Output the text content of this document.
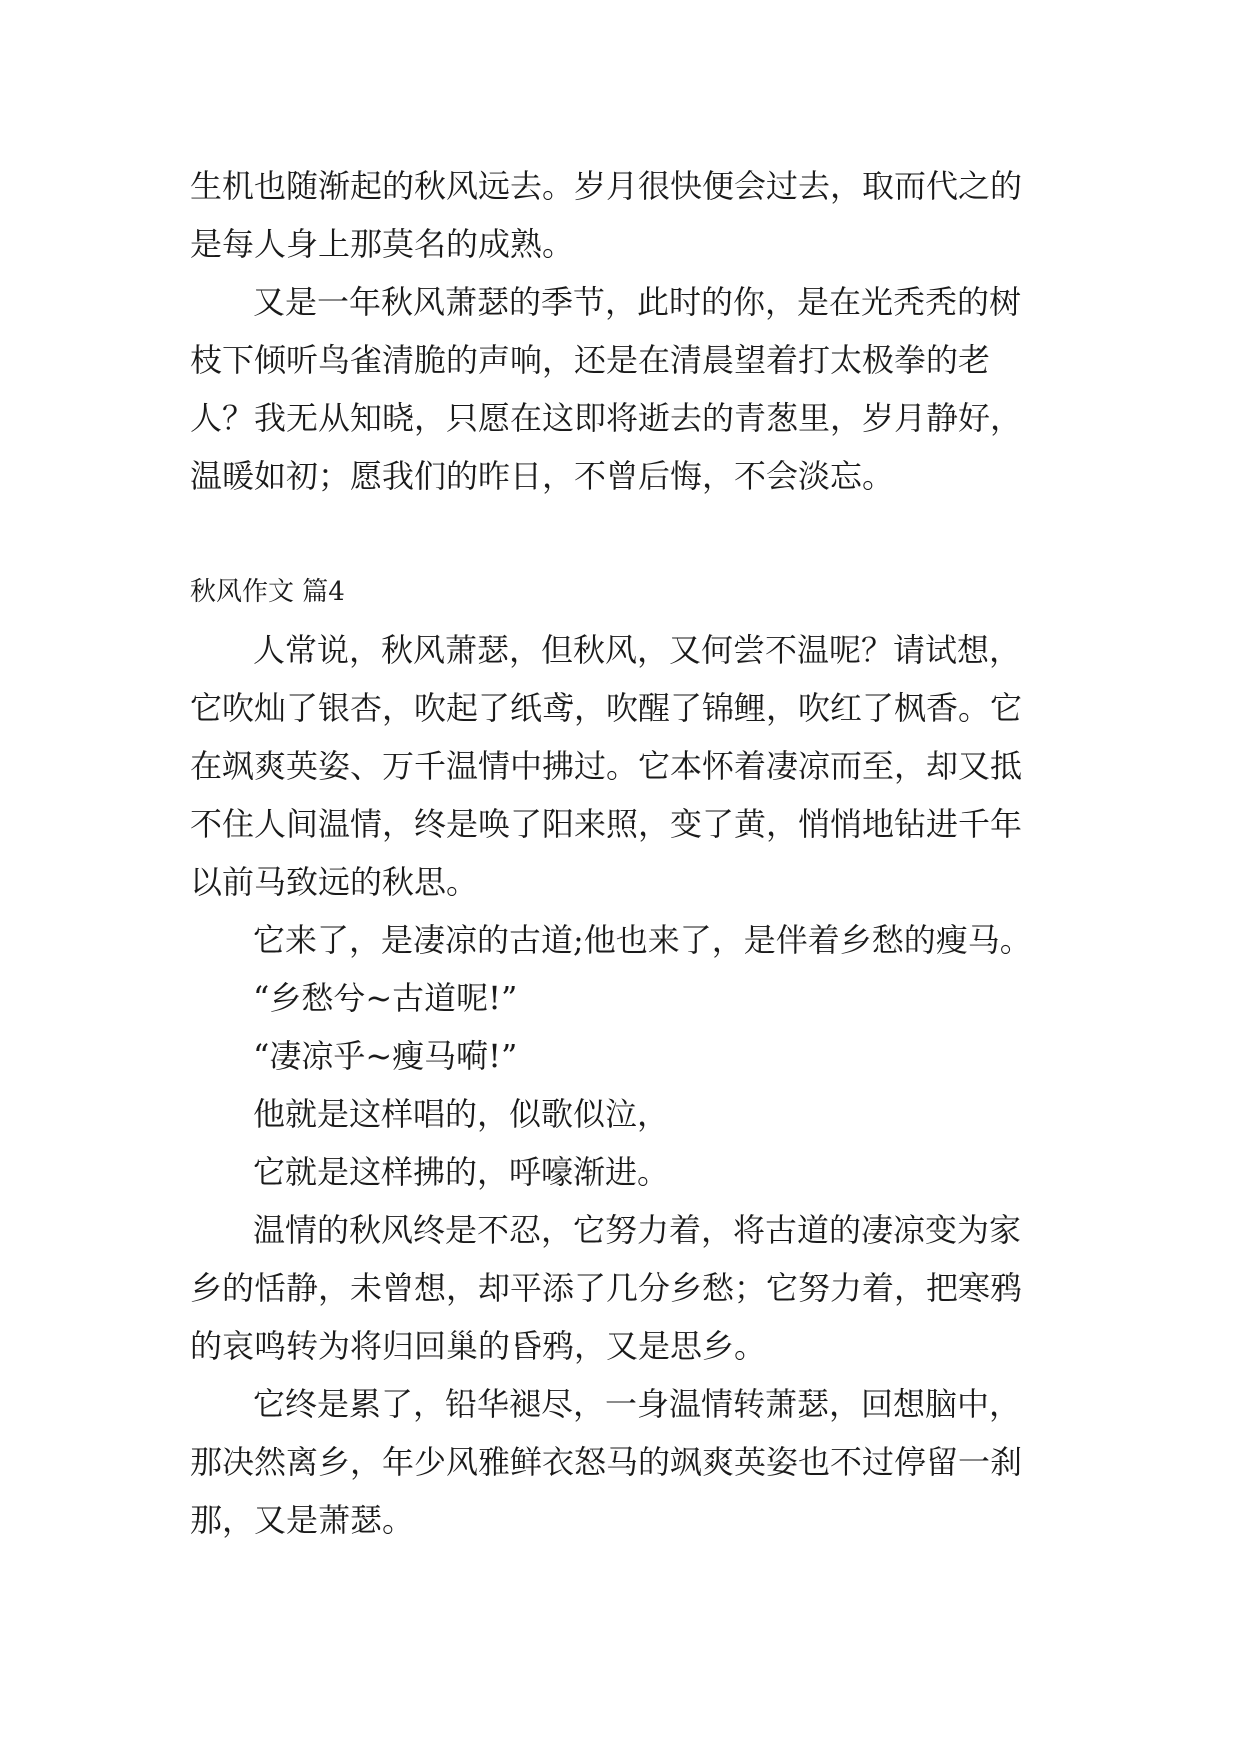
生机也随渐起的秋风远去。岁月很快便会过去，取而代之的
是每人身上那莫名的成熟。
又是一年秋风萧瑟的季节，此时的你，是在光秃秃的树
枝下倾听鸟雀清脆的声响，还是在清晨望着打太极拳的老
人？我无从知晓，只愿在这即将逝去的青葱里，岁月静好，
温暖如初；愿我们的昨日，不曾后悔，不会淡忘。
秋风作文 篇4
人常说，秋风萧瑟，但秋风，又何尝不温呢？请试想，
它吹灿了银杏，吹起了纸鸢，吹醒了锦鲤，吹红了枫香。它
在飒爽英姿、万千温情中拂过。它本怀着凄凉而至，却又抵
不住人间温情，终是唤了阳来照，变了黄，悄悄地钻进千年
以前马致远的秋思。
它来了，是凄凉的古道;他也来了，是伴着乡愁的瘦马。
“乡愁兮~古道呢!”
“凄凉乎~瘦马嗬!”
他就是这样唱的，似歌似泣，
它就是这样拂的，呼嚎渐进。
温情的秋风终是不忍，它努力着，将古道的凄凉变为家
乡的恬静，未曾想，却平添了几分乡愁；它努力着，把寒鸦
的哀鸣转为将归回巢的昏鸦，又是思乡。
它终是累了，铅华褪尽，一身温情转萧瑟，回想脑中，
那决然离乡，年少风雅鲜衣怒马的飒爽英姿也不过停留一刹
那，又是萧瑟。
